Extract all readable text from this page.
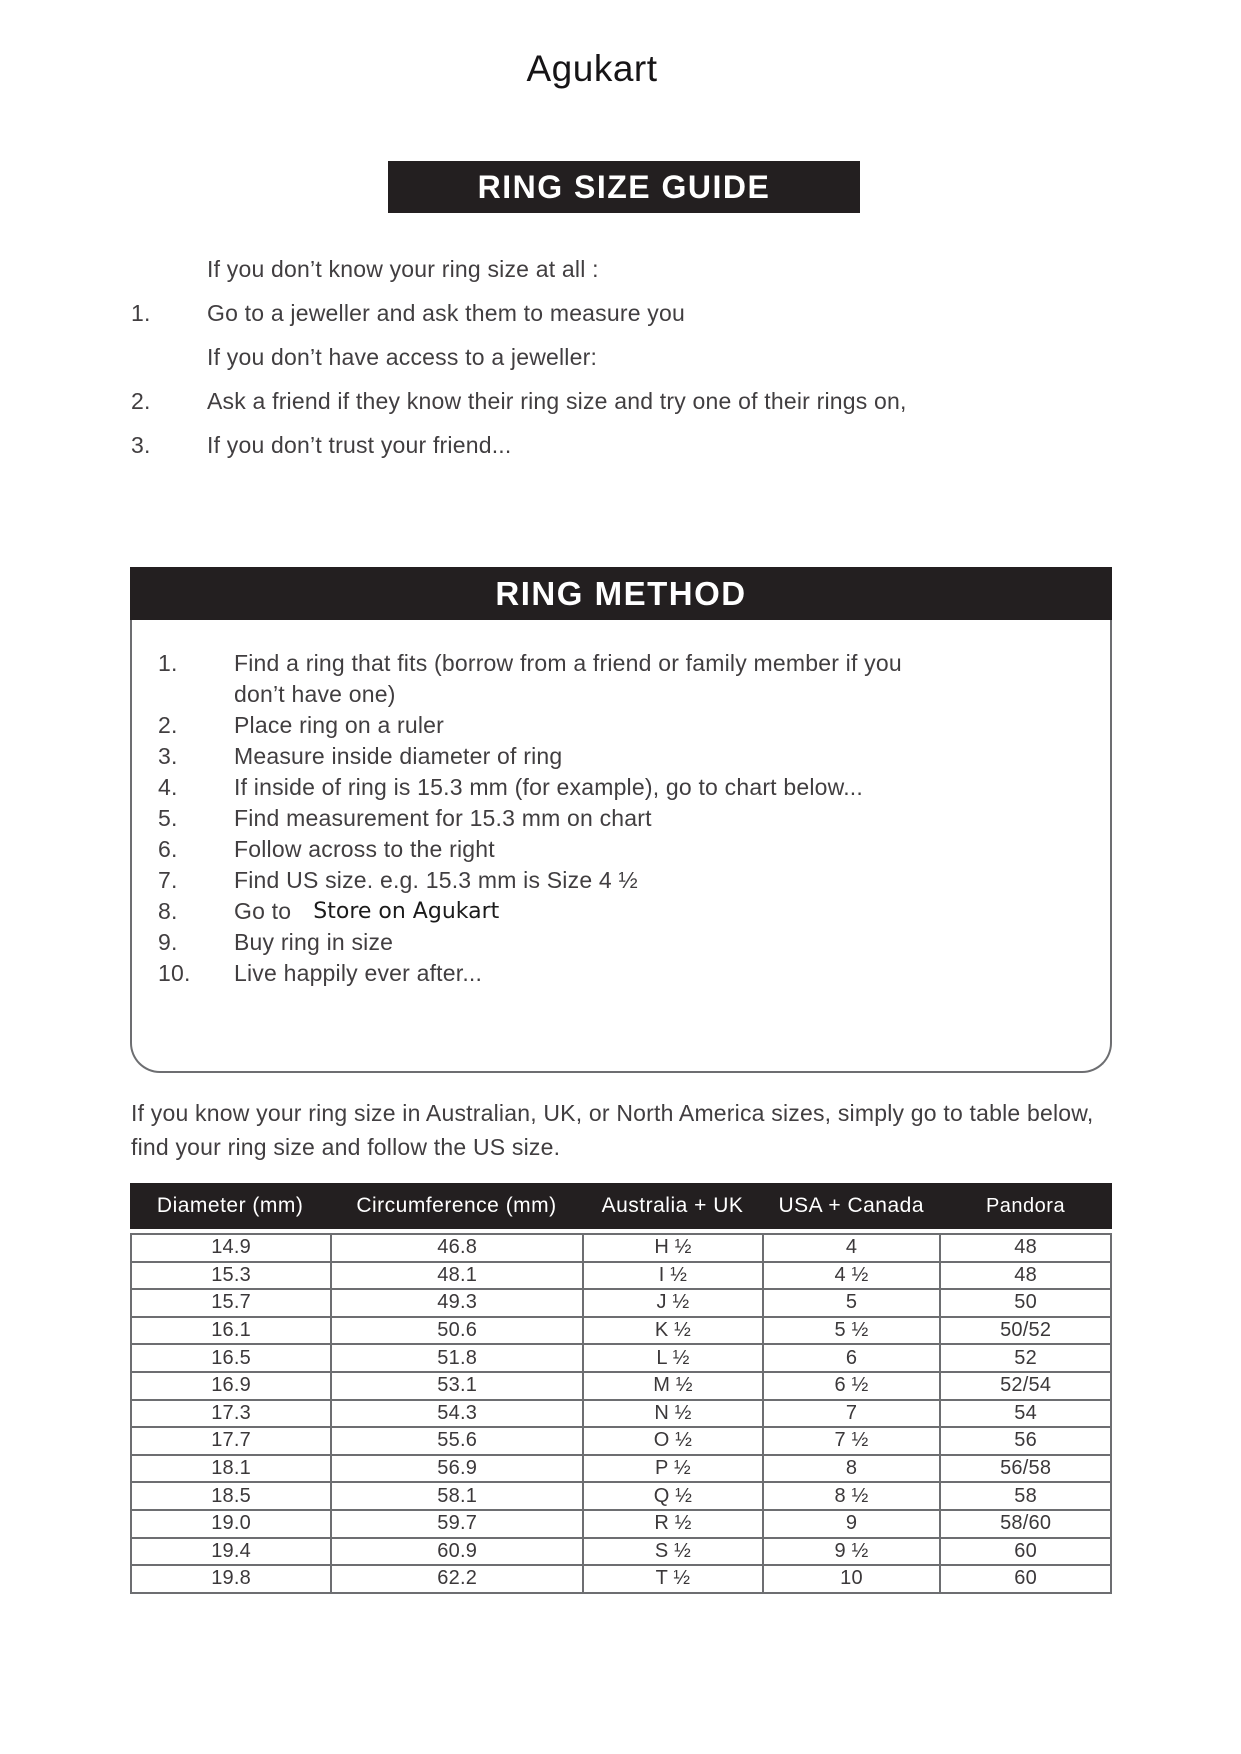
Agukart
RING SIZE GUIDE
If you don’t know your ring size at all :
1.	Go to a jeweller and ask them to measure you
If you don’t have access to a jeweller:
2.	Ask a friend if they know their ring size and try one of their rings on,
3.	If you don’t trust your friend...
RING METHOD
1.	Find a ring that fits (borrow from a friend or family member if you don’t have one)
2.	Place ring on a ruler
3.	Measure inside diameter of ring
4.	If inside of ring is 15.3 mm (for example), go to chart below...
5.	Find measurement for 15.3 mm on chart
6.	Follow across to the right
7.	Find US size. e.g. 15.3 mm is Size 4 ½
8.	Go to Store on Agukart
9.	Buy ring in size
10.	Live happily ever after...
If you know your ring size in Australian, UK, or North America sizes, simply go to table below, find your ring size and follow the US size.
Diameter (mm)	Circumference (mm)	Australia + UK	USA + Canada	Pandora
14.9	46.8	H ½	4	48
15.3	48.1	I ½	4 ½	48
15.7	49.3	J ½	5	50
16.1	50.6	K ½	5 ½	50/52
16.5	51.8	L ½	6	52
16.9	53.1	M ½	6 ½	52/54
17.3	54.3	N ½	7	54
17.7	55.6	O ½	7 ½	56
18.1	56.9	P ½	8	56/58
18.5	58.1	Q ½	8 ½	58
19.0	59.7	R ½	9	58/60
19.4	60.9	S ½	9 ½	60
19.8	62.2	T ½	10	60
